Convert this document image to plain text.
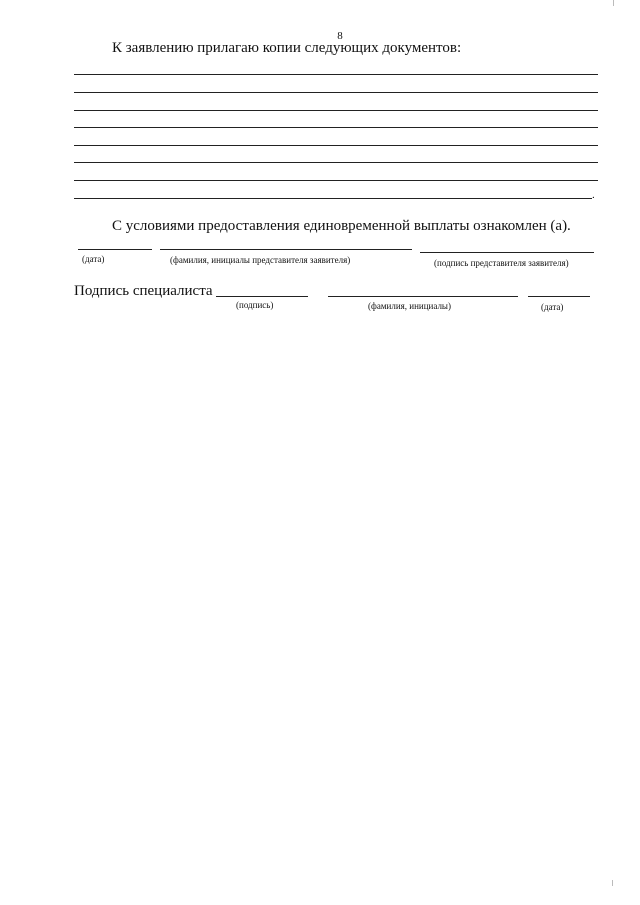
8
К заявлению прилагаю копии следующих документов:
.
С условиями предоставления единовременной выплаты ознакомлен (а).
(дата)	(фамилия, инициалы представителя заявителя)	(подпись представителя заявителя)
Подпись специалиста
(подпись)	(фамилия, инициалы)	(дата)
